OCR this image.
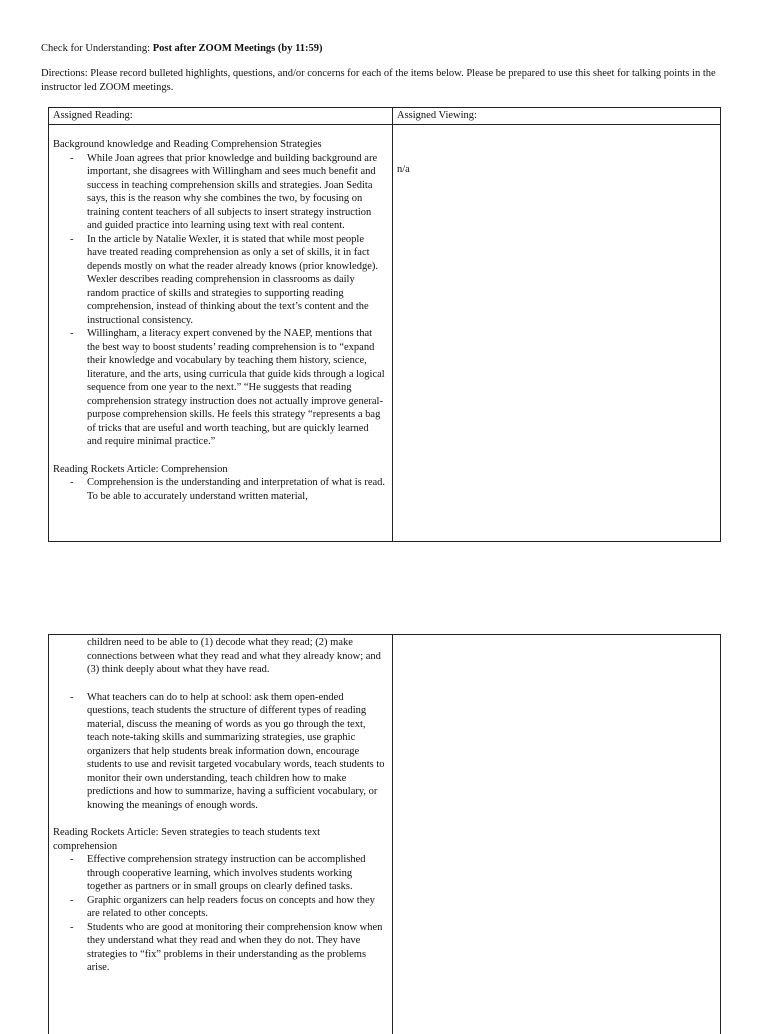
Check for Understanding: Post after ZOOM Meetings (by 11:59)
Directions: Please record bulleted highlights, questions, and/or concerns for each of the items below. Please be prepared to use this sheet for talking points in the instructor led ZOOM meetings.
Assigned Reading:	Assigned Viewing:

Background knowledge and Reading Comprehension Strategies

- While Joan agrees that prior knowledge and building background are important, she disagrees with Willingham and sees much benefit and success in teaching comprehension skills and strategies. Joan Sedita says, this is the reason why she combines the two, by focusing on training content teachers of all subjects to insert strategy instruction and guided practice into learning using text with real content.
- In the article by Natalie Wexler, it is stated that while most people have treated reading comprehension as only a set of skills, it in fact depends mostly on what the reader already knows (prior knowledge). Wexler describes reading comprehension in classrooms as daily random practice of skills and strategies to supporting reading comprehension, instead of thinking about the text’s content and the instructional consistency.
- Willingham, a literacy expert convened by the NAEP, mentions that the best way to boost students’ reading comprehension is to “expand their knowledge and vocabulary by teaching them history, science, literature, and the arts, using curricula that guide kids through a logical sequence from one year to the next.” “He suggests that reading comprehension strategy instruction does not actually improve general-purpose comprehension skills. He feels this strategy “represents a bag of tricks that are useful and worth teaching, but are quickly learned and require minimal practice.”

Reading Rockets Article: Comprehension

- Comprehension is the understanding and interpretation of what is read. To be able to accurately understand written material,
n/a
children need to be able to (1) decode what they read; (2) make connections between what they read and what they already know; and (3) think deeply about what they have read.
- What teachers can do to help at school: ask them open-ended questions, teach students the structure of different types of reading material, discuss the meaning of words as you go through the text, teach note-taking skills and summarizing strategies, use graphic organizers that help students break information down, encourage students to use and revisit targeted vocabulary words, teach students to monitor their own understanding, teach children how to make predictions and how to summarize, having a sufficient vocabulary, or knowing the meanings of enough words.

Reading Rockets Article: Seven strategies to teach students text comprehension

- Effective comprehension strategy instruction can be accomplished through cooperative learning, which involves students working together as partners or in small groups on clearly defined tasks.
- Graphic organizers can help readers focus on concepts and how they are related to other concepts.
- Students who are good at monitoring their comprehension know when they understand what they read and when they do not. They have strategies to “fix” problems in their understanding as the problems arise.
